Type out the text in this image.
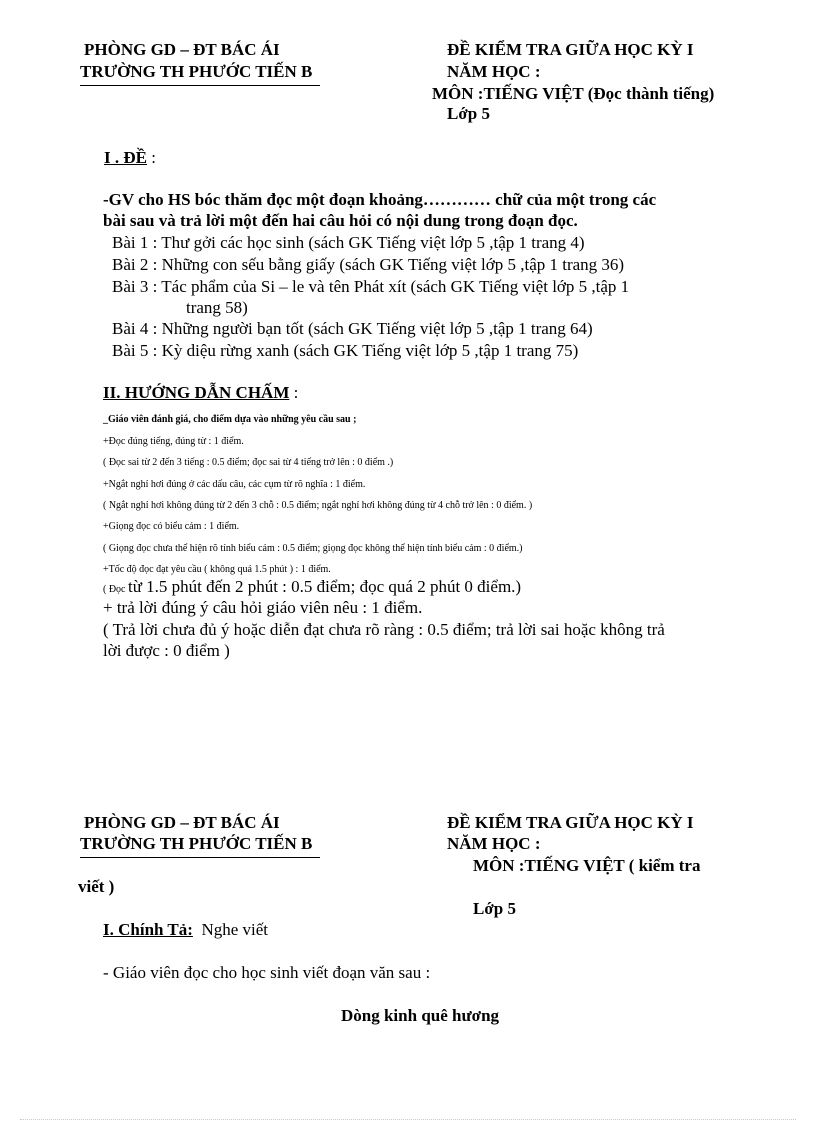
PHÒNG GD – ĐT BÁC ÁI
TRƯỜNG TH PHƯỚC TIẾN B
ĐỀ KIỂM TRA GIỮA HỌC KỲ I
NĂM HỌC :
MÔN :TIẾNG VIỆT (Đọc thành tiếng)
Lớp 5
I . ĐỀ :
-GV cho HS bóc thăm đọc một đoạn khoảng………… chữ của một trong các
bài sau và trả lời một đến hai câu hỏi có nội dung trong đoạn đọc.
Bài 1 : Thư gởi các học sinh (sách GK Tiếng việt lớp 5 ,tập 1 trang 4)
Bài 2 : Những con sếu bằng giấy (sách GK Tiếng việt lớp 5 ,tập 1 trang 36)
Bài 3 : Tác phẩm của Si – le và tên Phát xít (sách GK Tiếng việt lớp 5 ,tập 1
trang 58)
Bài 4 : Những người bạn tốt (sách GK Tiếng việt lớp 5 ,tập 1 trang 64)
Bài 5 : Kỳ diệu rừng xanh (sách GK Tiếng việt lớp 5 ,tập 1 trang 75)
II. HƯỚNG DẪN CHẤM :
_Giáo viên đánh giá, cho điểm dựa vào những yêu cầu sau ;
+Đọc đúng tiếng, đúng từ : 1 điểm.
( Đọc sai từ 2 đến 3 tiếng : 0.5 điểm; đọc sai từ 4 tiếng trở lên : 0 điểm .)
+Ngắt nghỉ hơi đúng ở các dấu câu, các cụm từ rõ nghĩa : 1 điểm.
( Ngắt nghỉ hơi không đúng từ 2 đến 3 chỗ : 0.5 điểm; ngắt nghỉ hơi không đúng từ 4 chỗ trở lên : 0 điểm. )
+Giọng đọc có biểu cảm : 1 điểm.
( Giọng đọc chưa thể hiện rõ tính biểu cảm : 0.5 điểm; giọng đọc không thể hiện tính biểu cảm : 0 điểm.)
+Tốc độ đọc đạt yêu cầu ( không quá 1.5 phút ) : 1 điểm.
( Đọc từ 1.5 phút đến 2 phút : 0.5 điểm; đọc quá 2 phút 0 điểm.)
+ trả lời đúng ý câu hỏi giáo viên nêu : 1 điểm.
( Trả lời chưa đủ ý hoặc diễn đạt chưa rõ ràng : 0.5 điểm; trả lời sai hoặc không trả
lời được : 0 điểm )
PHÒNG GD – ĐT BÁC ÁI
TRƯỜNG TH PHƯỚC TIẾN B
ĐỀ KIỂM TRA GIỮA HỌC KỲ I
NĂM HỌC :
MÔN :TIẾNG VIỆT ( kiểm tra
viết )
Lớp 5
I. Chính Tả: Nghe viết
- Giáo viên đọc cho học sinh viết đoạn văn sau :
Dòng kinh quê hương
